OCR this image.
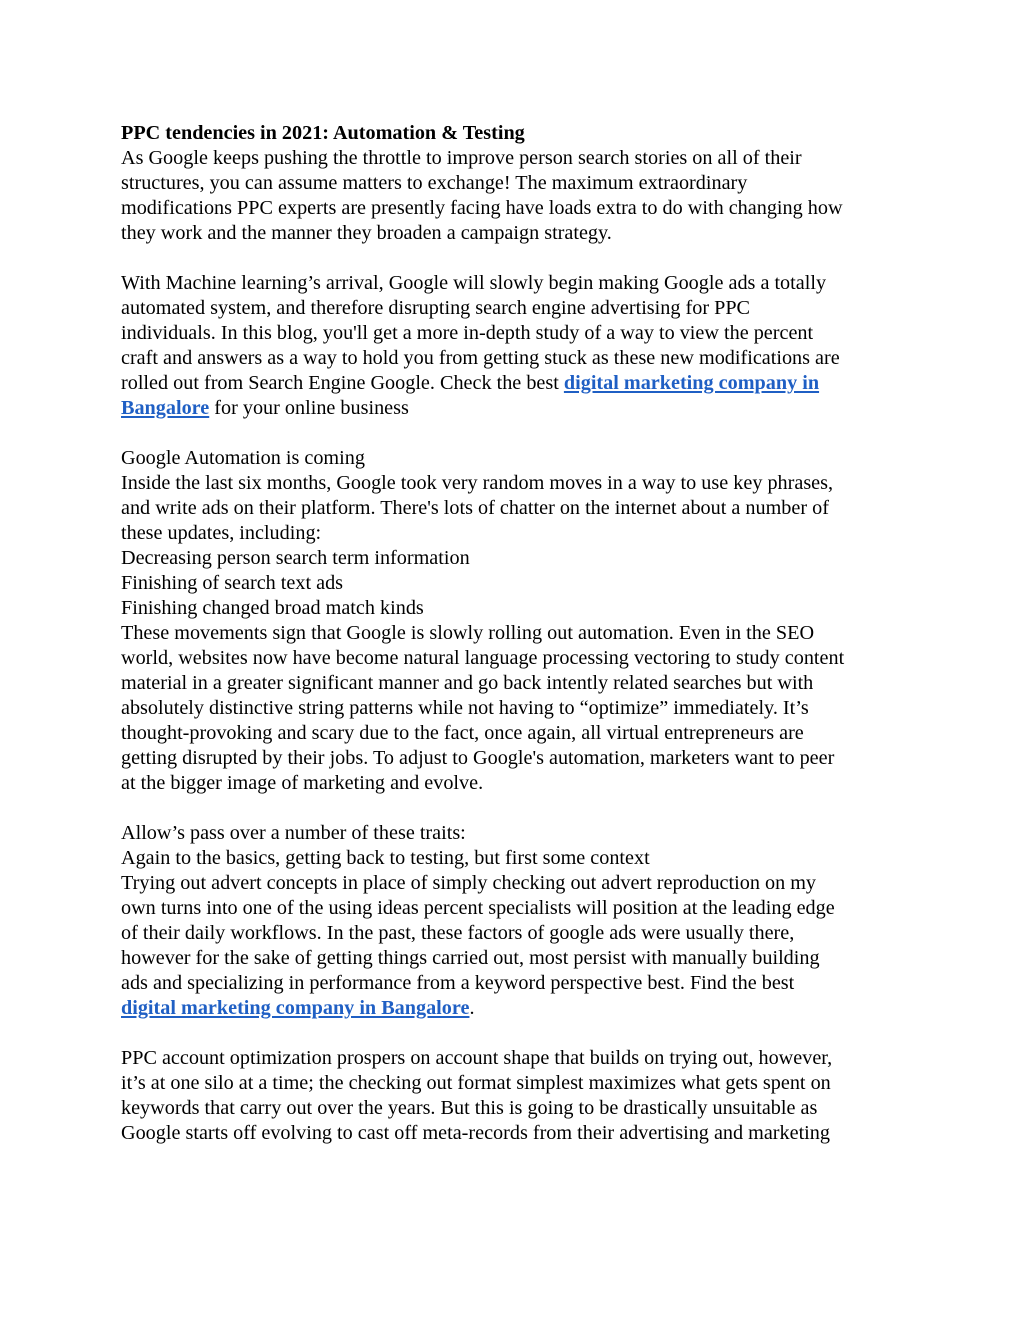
PPC tendencies in 2021: Automation & Testing
As Google keeps pushing the throttle to improve person search stories on all of their
structures, you can assume matters to exchange! The maximum extraordinary
modifications PPC experts are presently facing have loads extra to do with changing how
they work and the manner they broaden a campaign strategy.
With Machine learning’s arrival, Google will slowly begin making Google ads a totally
automated system, and therefore disrupting search engine advertising for PPC
individuals. In this blog, you'll get a more in-depth study of a way to view the percent
craft and answers as a way to hold you from getting stuck as these new modifications are
rolled out from Search Engine Google. Check the best digital marketing company in
Bangalore for your online business
Google Automation is coming
Inside the last six months, Google took very random moves in a way to use key phrases,
and write ads on their platform. There's lots of chatter on the internet about a number of
these updates, including:
Decreasing person search term information
Finishing of search text ads
Finishing changed broad match kinds
These movements sign that Google is slowly rolling out automation. Even in the SEO
world, websites now have become natural language processing vectoring to study content
material in a greater significant manner and go back intently related searches but with
absolutely distinctive string patterns while not having to “optimize” immediately. It’s
thought-provoking and scary due to the fact, once again, all virtual entrepreneurs are
getting disrupted by their jobs. To adjust to Google's automation, marketers want to peer
at the bigger image of marketing and evolve.
Allow’s pass over a number of these traits:
Again to the basics, getting back to testing, but first some context
Trying out advert concepts in place of simply checking out advert reproduction on my
own turns into one of the using ideas percent specialists will position at the leading edge
of their daily workflows. In the past, these factors of google ads were usually there,
however for the sake of getting things carried out, most persist with manually building
ads and specializing in performance from a keyword perspective best. Find the best
digital marketing company in Bangalore.
PPC account optimization prospers on account shape that builds on trying out, however,
it’s at one silo at a time; the checking out format simplest maximizes what gets spent on
keywords that carry out over the years. But this is going to be drastically unsuitable as
Google starts off evolving to cast off meta-records from their advertising and marketing
